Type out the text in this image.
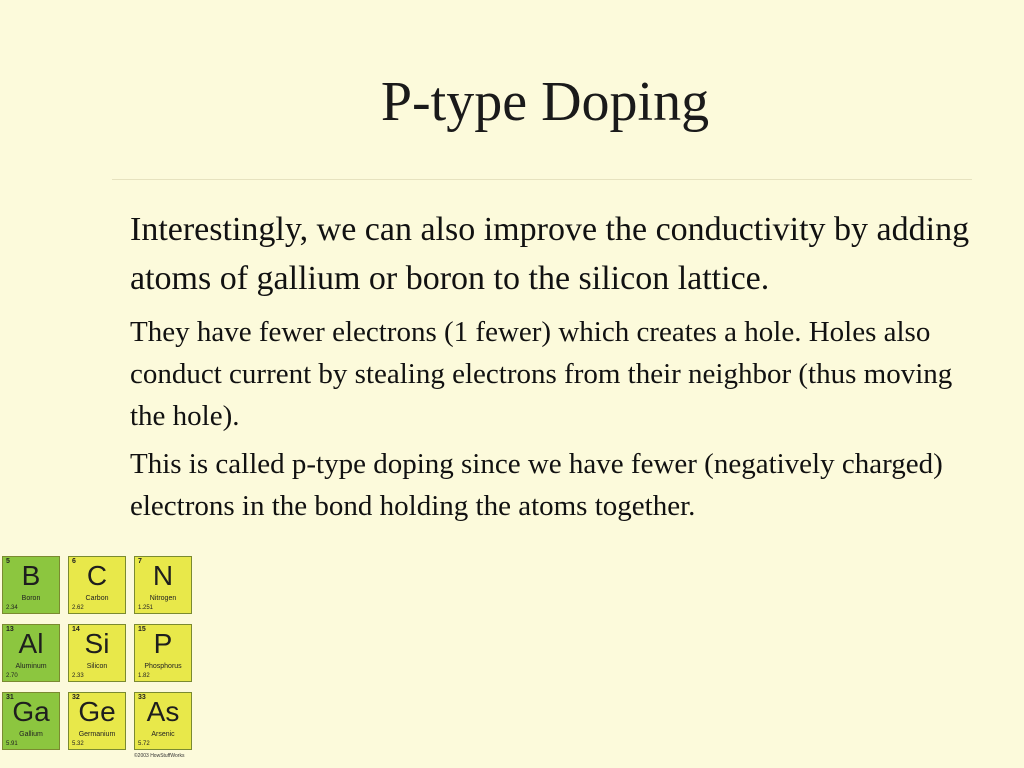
P-type Doping

Interestingly, we can also improve the conductivity by adding atoms of gallium or boron to the silicon lattice.

They have fewer electrons (1 fewer) which creates a hole. Holes also conduct current by stealing electrons from their neighbor (thus moving the hole).

This is called p-type doping since we have fewer (negatively charged) electrons in the bond holding the atoms together.

5 B
Boron
2.34
6 C
Carbon
2.62
7 N
Nitrogen
1.251
13 Al
Aluminum
2.70
14 Si
Silicon
2.33
15 P
Phosphorus
1.82
31
Ga
Gallium
5.91
32
Ge
Germanium
5.32
33 As
Arsenic
5.72
©2003 HowStuffWorks
